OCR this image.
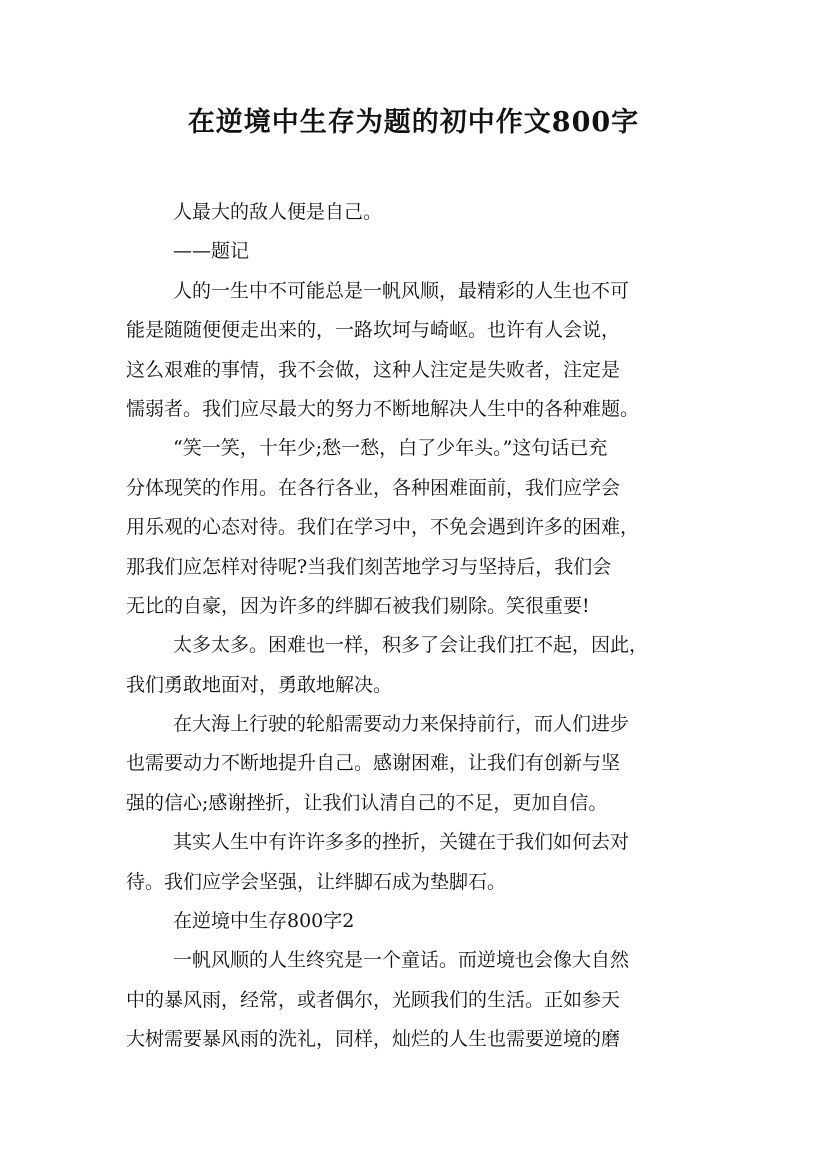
在逆境中生存为题的初中作文800字
人最大的敌人便是自己。
——题记
人的一生中不可能总是一帆风顺，最精彩的人生也不可
能是随随便便走出来的，一路坎坷与崎岖。也许有人会说，
这么艰难的事情，我不会做，这种人注定是失败者，注定是
懦弱者。我们应尽最大的努力不断地解决人生中的各种难题。
“笑一笑，十年少;愁一愁，白了少年头。”这句话已充
分体现笑的作用。在各行各业，各种困难面前，我们应学会
用乐观的心态对待。我们在学习中，不免会遇到许多的困难，
那我们应怎样对待呢?当我们刻苦地学习与坚持后，我们会
无比的自豪，因为许多的绊脚石被我们剔除。笑很重要!
太多太多。困难也一样，积多了会让我们扛不起，因此，
我们勇敢地面对，勇敢地解决。
在大海上行驶的轮船需要动力来保持前行，而人们进步
也需要动力不断地提升自己。感谢困难，让我们有创新与坚
强的信心;感谢挫折，让我们认清自己的不足，更加自信。
其实人生中有许许多多的挫折，关键在于我们如何去对
待。我们应学会坚强，让绊脚石成为垫脚石。
在逆境中生存800字2
一帆风顺的人生终究是一个童话。而逆境也会像大自然
中的暴风雨，经常，或者偶尔，光顾我们的生活。正如参天
大树需要暴风雨的洗礼，同样，灿烂的人生也需要逆境的磨
